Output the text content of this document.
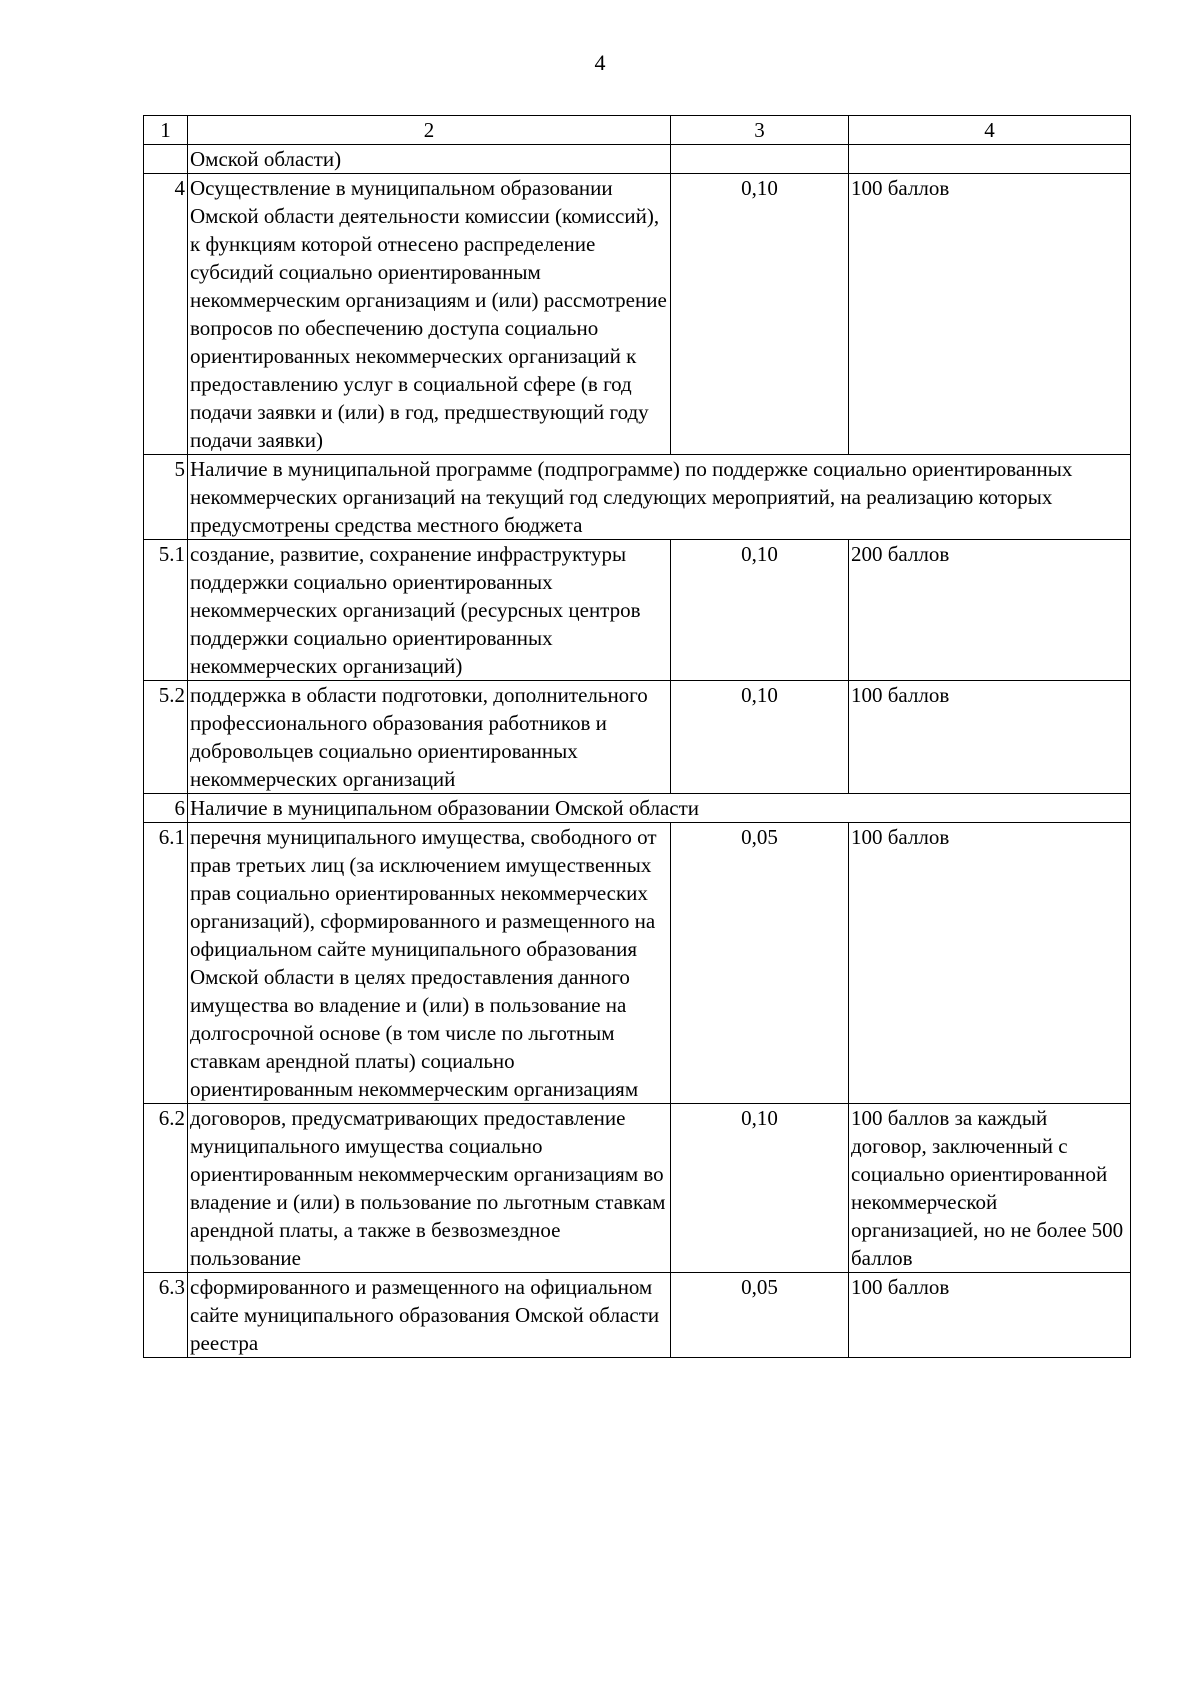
4
1	2	3	4
	Омской области)		
4	Осуществление в муниципальном образовании Омской области деятельности комиссии (комиссий), к функциям которой отнесено распределение субсидий социально ориентированным некоммерческим организациям и (или) рассмотрение вопросов по обеспечению доступа социально ориентированных некоммерческих организаций к предоставлению услуг в социальной сфере (в год подачи заявки и (или) в год, предшествующий году подачи заявки)	0,10	100 баллов
5	Наличие в муниципальной программе (подпрограмме) по поддержке социально ориентированных некоммерческих организаций на текущий год следующих мероприятий, на реализацию которых предусмотрены средства местного бюджета		
5.1	создание, развитие, сохранение инфраструктуры поддержки социально ориентированных некоммерческих организаций (ресурсных центров поддержки социально ориентированных некоммерческих организаций)	0,10	200 баллов
5.2	поддержка в области подготовки, дополнительного профессионального образования работников и добровольцев социально ориентированных некоммерческих организаций	0,10	100 баллов
6	Наличие в муниципальном образовании Омской области		
6.1	перечня муниципального имущества, свободного от прав третьих лиц (за исключением имущественных прав социально ориентированных некоммерческих организаций), сформированного и размещенного на официальном сайте муниципального образования Омской области в целях предоставления данного имущества во владение и (или) в пользование на долгосрочной основе (в том числе по льготным ставкам арендной платы) социально ориентированным некоммерческим организациям	0,05	100 баллов
6.2	договоров, предусматривающих предоставление муниципального имущества социально ориентированным некоммерческим организациям во владение и (или) в пользование по льготным ставкам арендной платы, а также в безвозмездное пользование	0,10	100 баллов за каждый договор, заключенный с социально ориентированной некоммерческой организацией, но не более 500 баллов
6.3	сформированного и размещенного на официальном сайте муниципального образования Омской области реестра	0,05	100 баллов
